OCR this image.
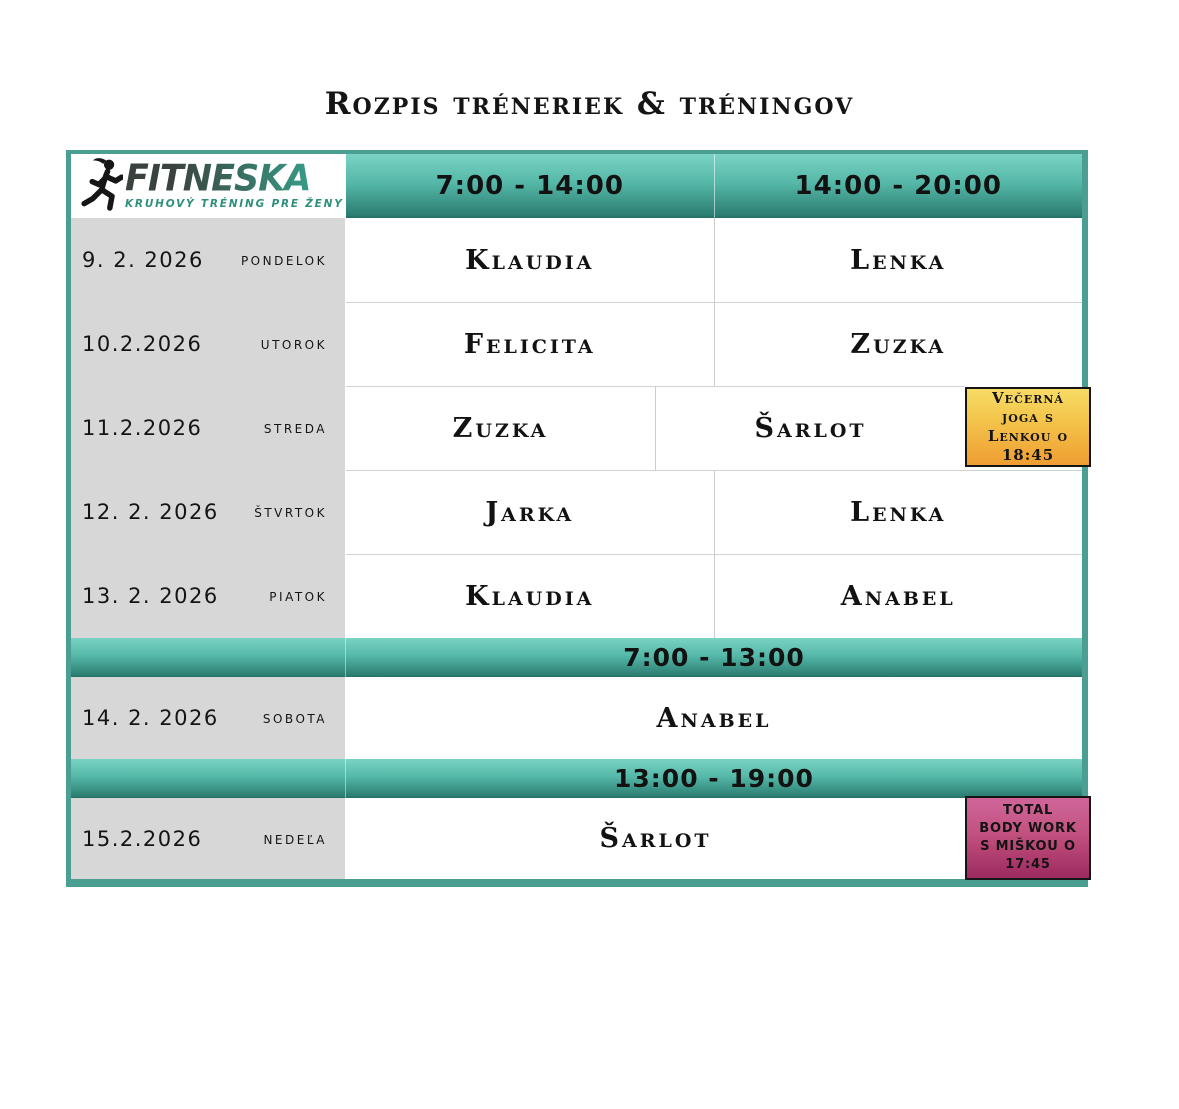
Rozpis tréneriek & tréningov
FITNESKA
KRUHOVÝ TRÉNING PRE ŽENY
7:00 - 14:00	14:00 - 20:00
9. 2. 2026 pondelok	Klaudia	Lenka
10.2.2026	utorok	Felicita	Zuzka
11.2.2026	streda	Zuzka	Šarlot
Večerná
joga s
Lenkou o
18:45
12. 2. 2026 štvrtok	Jarka	Lenka
13. 2. 2026	piatok	Klaudia	Anabel
7:00 - 13:00
14. 2. 2026	sobota	Anabel
13:00 - 19:00
15.2.2026	nedeľa	Šarlot
TOTAL
BODY WORK
S MIŠKOU O
17:45
